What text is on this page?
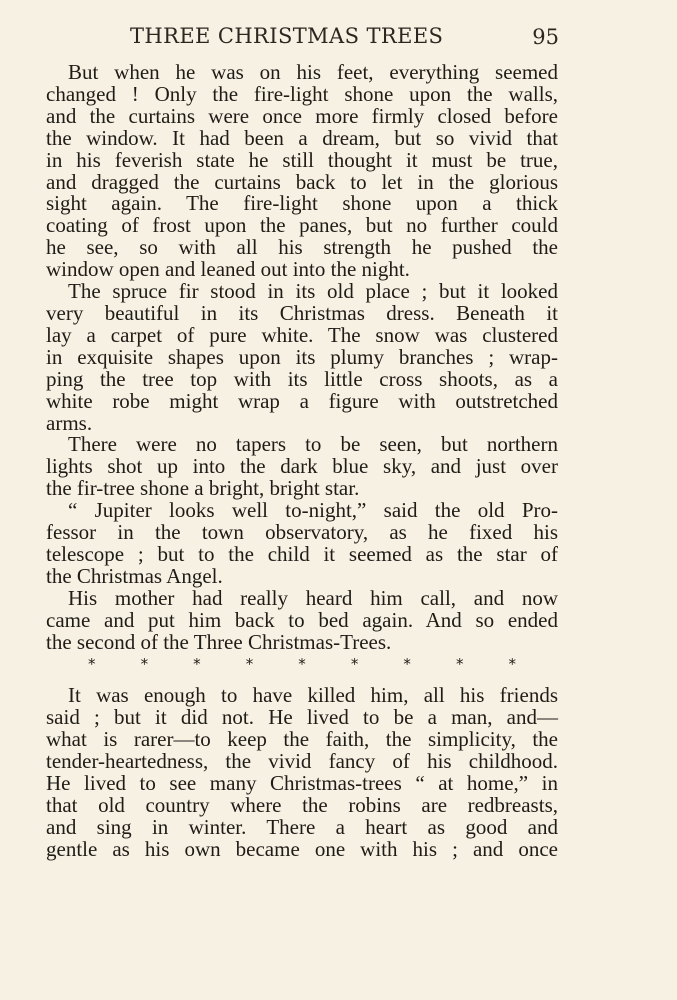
THREE CHRISTMAS TREES	95

But when he was on his feet, everything seemed
changed ! Only the fire-light shone upon the walls,
and the curtains were once more firmly closed before
the window. It had been a dream, but so vivid that
in his feverish state he still thought it must be true,
and dragged the curtains back to let in the glorious
sight again. The fire-light shone upon a thick
coating of frost upon the panes, but no further could
he see, so with all his strength he pushed the
window open and leaned out into the night.

The spruce fir stood in its old place ; but it looked
very beautiful in its Christmas dress. Beneath it
lay a carpet of pure white. The snow was clustered
in exquisite shapes upon its plumy branches ; wrap-
ping the tree top with its little cross shoots, as a
white robe might wrap a figure with outstretched
arms.

There were no tapers to be seen, but northern
lights shot up into the dark blue sky, and just over
the fir-tree shone a bright, bright star.

“ Jupiter looks well to-night,” said the old Pro-
fessor in the town observatory, as he fixed his
telescope ; but to the child it seemed as the star of
the Christmas Angel.

His mother had really heard him call, and now
came and put him back to bed again. And so ended
the second of the Three Christmas-Trees.

*	*	*	*	*	*	*	*	*

It was enough to have killed him, all his friends
said ; but it did not. He lived to be a man, and—
what is rarer—to keep the faith, the simplicity, the
tender-heartedness, the vivid fancy of his childhood.
He lived to see many Christmas-trees “ at home,” in
that old country where the robins are redbreasts,
and sing in winter. There a heart as good and
gentle as his own became one with his ; and once
